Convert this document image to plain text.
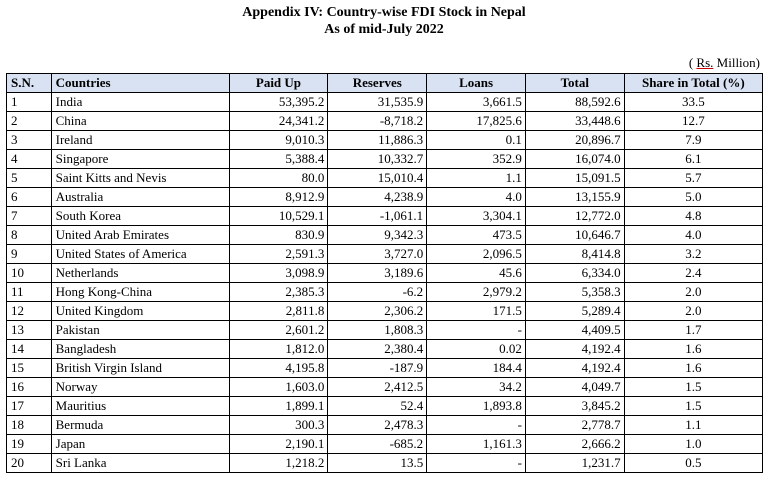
Appendix IV: Country-wise FDI Stock in Nepal
As of mid-July 2022
( Rs. Million)
S.N.	Countries	Paid Up	Reserves	Loans	Total	Share in Total (%)
1	India	53,395.2	31,535.9	3,661.5	88,592.6	33.5
2	China	24,341.2	-8,718.2	17,825.6	33,448.6	12.7
3	Ireland	9,010.3	11,886.3	0.1	20,896.7	7.9
4	Singapore	5,388.4	10,332.7	352.9	16,074.0	6.1
5	Saint Kitts and Nevis	80.0	15,010.4	1.1	15,091.5	5.7
6	Australia	8,912.9	4,238.9	4.0	13,155.9	5.0
7	South Korea	10,529.1	-1,061.1	3,304.1	12,772.0	4.8
8	United Arab Emirates	830.9	9,342.3	473.5	10,646.7	4.0
9	United States of America	2,591.3	3,727.0	2,096.5	8,414.8	3.2
10	Netherlands	3,098.9	3,189.6	45.6	6,334.0	2.4
11	Hong Kong-China	2,385.3	-6.2	2,979.2	5,358.3	2.0
12	United Kingdom	2,811.8	2,306.2	171.5	5,289.4	2.0
13	Pakistan	2,601.2	1,808.3	-	4,409.5	1.7
14	Bangladesh	1,812.0	2,380.4	0.02	4,192.4	1.6
15	British Virgin Island	4,195.8	-187.9	184.4	4,192.4	1.6
16	Norway	1,603.0	2,412.5	34.2	4,049.7	1.5
17	Mauritius	1,899.1	52.4	1,893.8	3,845.2	1.5
18	Bermuda	300.3	2,478.3	-	2,778.7	1.1
19	Japan	2,190.1	-685.2	1,161.3	2,666.2	1.0
20	Sri Lanka	1,218.2	13.5	-	1,231.7	0.5
